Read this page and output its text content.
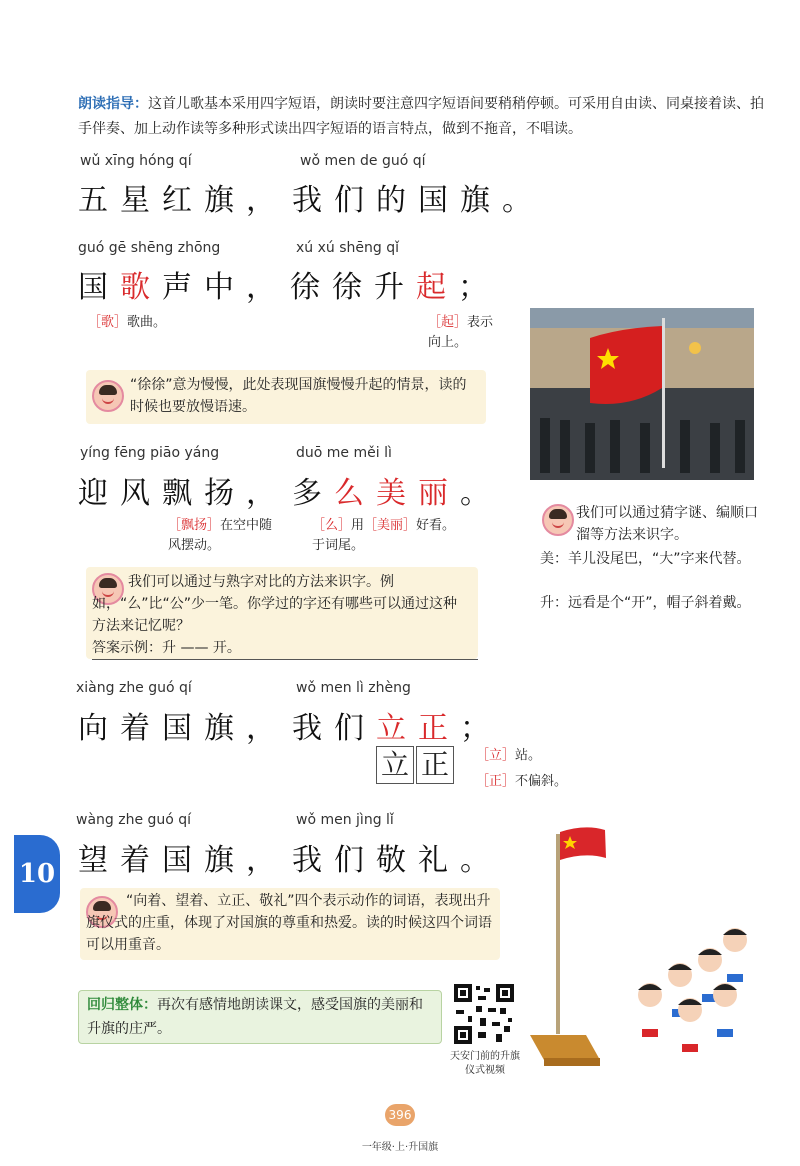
朗读指导：这首儿歌基本采用四字短语，朗读时要注意四字短语间要稍稍停顿。可采用自由读、同桌接着读、拍手伴奏、加上动作读等多种形式读出四字短语的语言特点，做到不拖音，不唱读。
wǔ xīng hóng qí	wǒ men de guó qí
五星红旗， 我们的国旗。
guó gē shēng zhōng	xú xú shēng qǐ
国歌声中， 徐徐升起；
［歌］歌曲。	［起］表示向上。
“徐徐”意为慢慢，此处表现国旗慢慢升起的情景，读的时候也要放慢语速。
yíng fēng piāo yáng	duō me měi lì
迎风飘扬， 多么美丽。
［飘扬］在空中随风摆动。
［么］用［美丽］好看。
于词尾。
我们可以通过猜字谜、编顺口溜等方法来识字。
美：羊儿没尾巴，“大”字来代替。
升：远看是个“开”，帽子斜着戴。
我们可以通过与熟字对比的方法来识字。例如，“么”比“公”少一笔。你学过的字还有哪些可以通过这种方法来记忆呢？
答案示例：升 —— 开。
xiàng zhe guó qí	wǒ men lì zhèng
向着国旗， 我们立正；
立 正	［立］站。
［正］不偏斜。
10
wàng zhe guó qí	wǒ men jìng lǐ
望着国旗， 我们敬礼。
“向着、望着、立正、敬礼”四个表示动作的词语，表现出升旗仪式的庄重，体现了对国旗的尊重和热爱。读的时候这四个词语可以用重音。
回归整体：再次有感情地朗读课文，感受国旗的美丽和升旗的庄严。
天安门前的升旗仪式视频
396
一年级·上·升国旗
